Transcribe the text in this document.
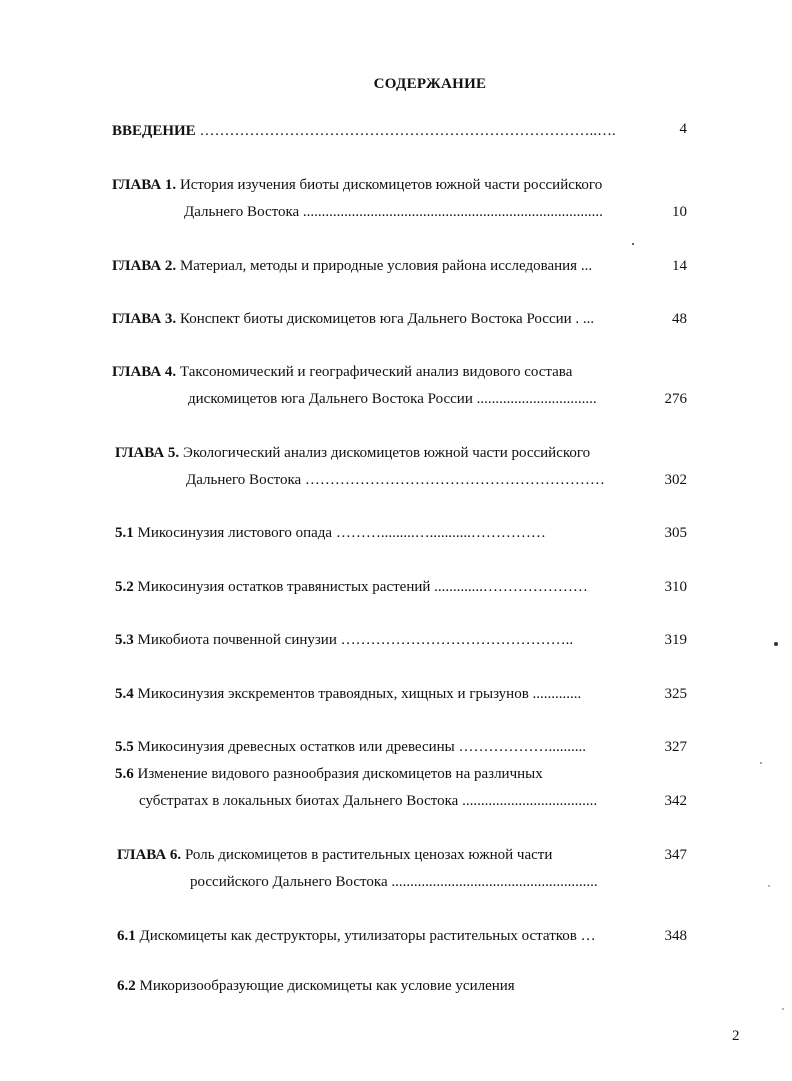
СОДЕРЖАНИЕ
ВВЕДЕНИЕ ……………………………………………………………………..….	4
ГЛАВА 1. История изучения биоты дискомицетов южной части российского
Дальнего Востока ................................................................................	10
ГЛАВА 2. Материал, методы и природные условия района исследования ...	14
ГЛАВА 3. Конспект биоты дискомицетов юга Дальнего Востока России . ...	48
ГЛАВА 4. Таксономический и географический анализ видового состава
дискомицетов юга Дальнего Востока России ................................	276
ГЛАВА 5. Экологический анализ дискомицетов южной части российского
Дальнего Востока ……………………………………………………	302
5.1 Микосинузия листового опада ……….........…...........……………	305
5.2 Микосинузия остатков травянистых растений .............…………………	310
5.3 Микобиота почвенной синузии ………………………………………..	319
5.4 Микосинузия экскрементов травоядных, хищных и грызунов .............	325
5.5 Микосинузия древесных остатков или древесины ………………..........	327
5.6 Изменение видового разнообразия дискомицетов на различных
субстратах в локальных биотах Дальнего Востока ....................................	342
ГЛАВА 6. Роль дискомицетов в растительных ценозах южной части	347
российского Дальнего Востока .......................................................
6.1 Дискомицеты как деструкторы, утилизаторы растительных остатков …	348
6.2 Микоризообразующие дискомицеты как условие усиления
2
